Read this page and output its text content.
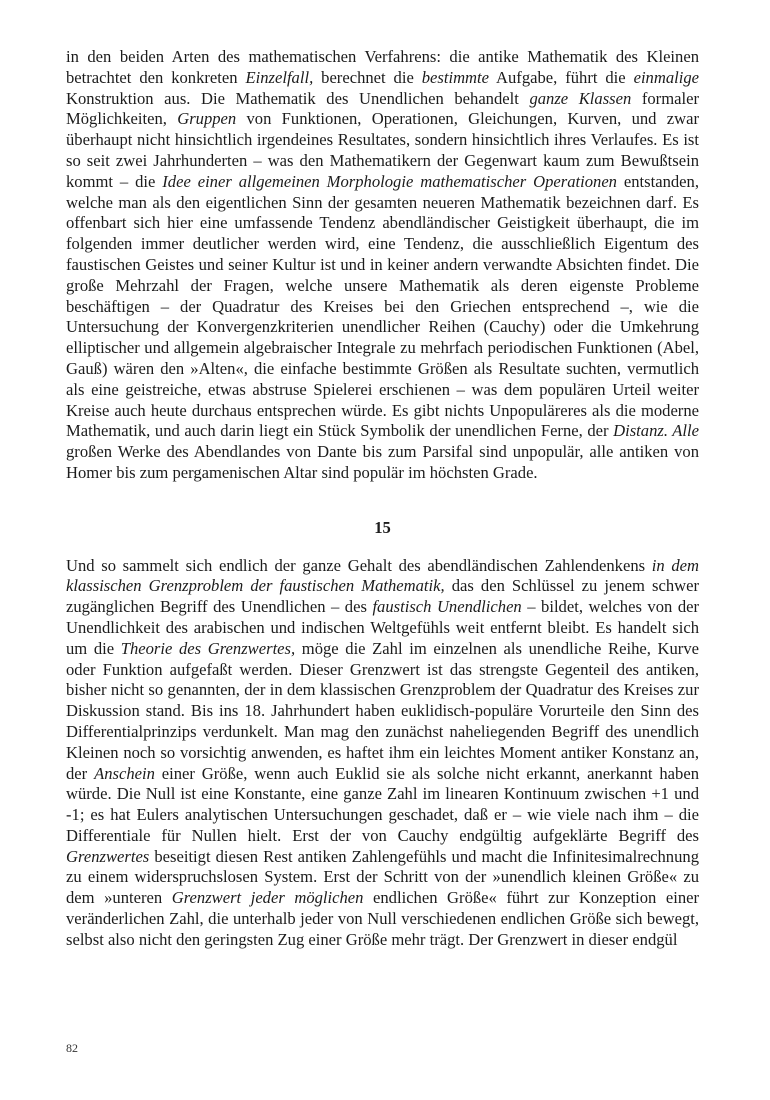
in den beiden Arten des mathematischen Verfahrens: die antike Mathematik des Kleinen betrachtet den konkreten Einzelfall, berechnet die bestimmte Aufgabe, führt die einmalige Konstruktion aus. Die Mathematik des Unendlichen behandelt ganze Klassen formaler Möglichkeiten, Gruppen von Funktionen, Operationen, Gleichungen, Kurven, und zwar überhaupt nicht hinsichtlich irgendeines Resultates, sondern hinsichtlich ihres Verlaufes. Es ist so seit zwei Jahrhunderten – was den Mathematikern der Gegenwart kaum zum Bewußtsein kommt – die Idee einer allgemeinen Morphologie mathematischer Operationen entstanden, welche man als den eigentlichen Sinn der gesamten neueren Mathematik bezeichnen darf. Es offenbart sich hier eine umfassende Tendenz abendländischer Geistigkeit überhaupt, die im folgenden immer deutlicher werden wird, eine Tendenz, die ausschließlich Eigentum des faustischen Geistes und seiner Kultur ist und in keiner andern verwandte Absichten findet. Die große Mehrzahl der Fragen, welche unsere Mathematik als deren eigenste Probleme beschäftigen – der Quadratur des Kreises bei den Griechen entsprechend –, wie die Untersuchung der Konvergenzkriterien unendlicher Reihen (Cauchy) oder die Umkehrung elliptischer und allgemein algebraischer Integrale zu mehrfach periodischen Funktionen (Abel, Gauß) wären den »Alten«, die einfache bestimmte Größen als Resultate suchten, vermutlich als eine geistreiche, etwas abstruse Spielerei erschienen – was dem populären Urteil weiter Kreise auch heute durchaus entsprechen würde. Es gibt nichts Unpopuläreres als die moderne Mathematik, und auch darin liegt ein Stück Symbolik der unendlichen Ferne, der Distanz. Alle großen Werke des Abendlandes von Dante bis zum Parsifal sind unpopulär, alle antiken von Homer bis zum pergamenischen Altar sind populär im höchsten Grade.

15

Und so sammelt sich endlich der ganze Gehalt des abendländischen Zahlendenkens in dem klassischen Grenzproblem der faustischen Mathematik, das den Schlüssel zu jenem schwer zugänglichen Begriff des Unendlichen – des faustisch Unendlichen – bildet, welches von der Unendlichkeit des arabischen und indischen Weltgefühls weit entfernt bleibt. Es handelt sich um die Theorie des Grenzwertes, möge die Zahl im einzelnen als unendliche Reihe, Kurve oder Funktion aufgefaßt werden. Dieser Grenzwert ist das strengste Gegenteil des antiken, bisher nicht so genannten, der in dem klassischen Grenzproblem der Quadratur des Kreises zur Diskussion stand. Bis ins 18. Jahrhundert haben euklidisch-populäre Vorurteile den Sinn des Differentialprinzips verdunkelt. Man mag den zunächst naheliegenden Begriff des unendlich Kleinen noch so vorsichtig anwenden, es haftet ihm ein leichtes Moment antiker Konstanz an, der Anschein einer Größe, wenn auch Euklid sie als solche nicht erkannt, anerkannt haben würde. Die Null ist eine Konstante, eine ganze Zahl im linearen Kontinuum zwischen +1 und -1; es hat Eulers analytischen Untersuchungen geschadet, daß er – wie viele nach ihm – die Differentiale für Nullen hielt. Erst der von Cauchy endgültig aufgeklärte Begriff des Grenzwertes beseitigt diesen Rest antiken Zahlengefühls und macht die Infinitesimalrechnung zu einem widerspruchslosen System. Erst der Schritt von der »unendlich kleinen Größe« zu dem »unteren Grenzwert jeder möglichen endlichen Größe« führt zur Konzeption einer veränderlichen Zahl, die unterhalb jeder von Null verschiedenen endlichen Größe sich bewegt, selbst also nicht den geringsten Zug einer Größe mehr trägt. Der Grenzwert in dieser endgül

82
